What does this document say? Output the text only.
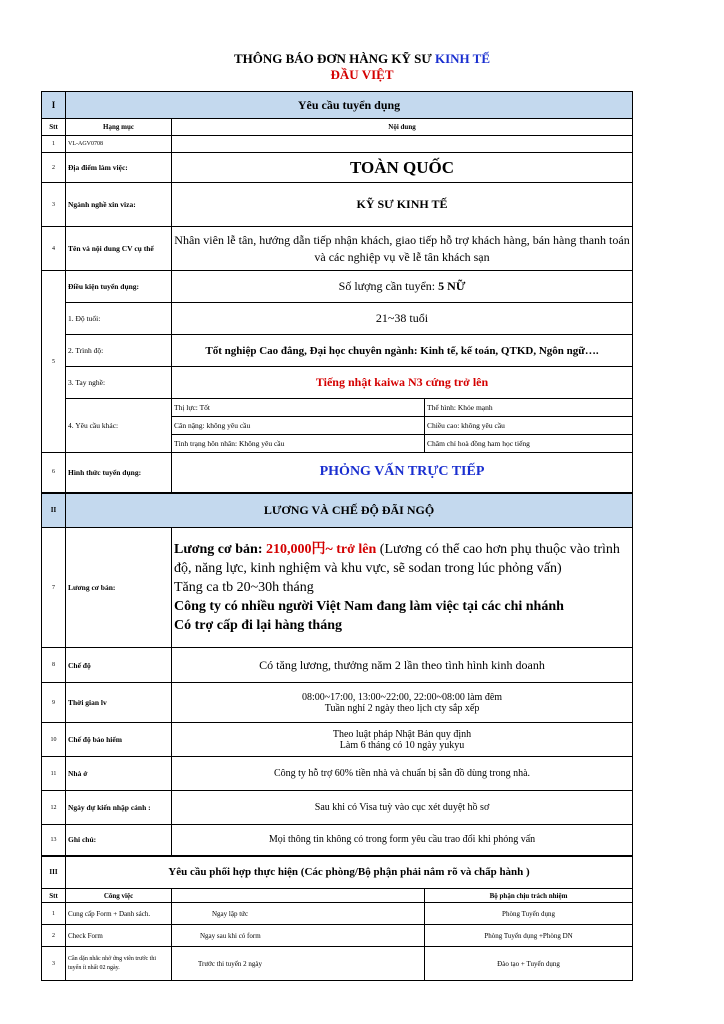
THÔNG BÁO ĐƠN HÀNG KỸ SƯ KINH TẾ
ĐẦU VIỆT
I	Yêu cầu tuyển dụng		
Stt	Hạng mục	Nội dung	
1	VL-AGV0708		
2	Địa điểm làm việc:	TOÀN QUỐC	
3	Ngành nghề xin viza:	KỸ SƯ KINH TẾ	
4	Tên và nội dung CV cụ thể	Nhân viên lễ tân, hướng dẫn tiếp nhận khách, giao tiếp hỗ trợ khách hàng, bán hàng thanh toán và các nghiệp vụ về lễ tân khách sạn	
5	Điều kiện tuyển dụng:	Số lượng cần tuyển: 5 NỮ	
	1. Độ tuổi:	21~38 tuổi	
	2. Trình độ:	Tốt nghiệp Cao đẳng, Đại học chuyên ngành: Kinh tế, kế toán, QTKD, Ngôn ngữ….	
	3. Tay nghề:	Tiếng nhật kaiwa N3 cứng trở lên	
	4. Yêu cầu khác:	Thị lực: Tốt	Thể hình: Khỏe mạnh
		Cân nặng: không yêu cầu	Chiều cao: không yêu cầu
		Tình trạng hôn nhân: Không yêu cầu	Chăm chỉ hoà đồng ham học tiếng
6	Hình thức tuyển dụng:	PHỎNG VẤN TRỰC TIẾP	
II	LƯƠNG VÀ CHẾ ĐỘ ĐÃI NGỘ		
7	Lương cơ bản:	Lương cơ bản: 210,000円~ trở lên (Lương có thể cao hơn phụ thuộc vào trình độ, năng lực, kinh nghiệm và khu vực, sẽ sodan trong lúc phỏng vấn)
Tăng ca tb 20~30h tháng
Công ty có nhiều người Việt Nam đang làm việc tại các chi nhánh
Có trợ cấp đi lại hàng tháng	

8	Chế độ	Có tăng lương, thưởng năm 2 lần theo tình hình kinh doanh	
9	Thời gian lv	08:00~17:00, 13:00~22:00, 22:00~08:00 làm đêm
Tuần nghỉ 2 ngày theo lịch cty sắp xếp	

10	Chế độ bảo hiểm	Theo luật pháp Nhật Bản quy định
Làm 6 tháng có 10 ngày yukyu	

11	Nhà ở	Công ty hỗ trợ 60% tiền nhà và chuẩn bị sẵn đồ dùng trong nhà.	
12	Ngày dự kiến nhập cảnh :	Sau khi có Visa tuỳ vào cục xét duyệt hồ sơ	
13	Ghi chú:	Mọi thông tin không có trong form yêu cầu trao đổi khi phỏng vấn	
III	Yêu cầu phối hợp thực hiện (Các phòng/Bộ phận phải nắm rõ và chấp hành )		
Stt	Công việc		Bộ phận chịu trách nhiệm
1	Cung cấp Form + Danh sách.	Ngay lập tức	Phòng Tuyển dụng
2	Check Form	Ngay sau khi có form	Phòng Tuyển dụng +Phòng DN
3	Cần dặn nhắc nhở ứng viên trước thi tuyển ít nhất 02 ngày.	Trước thi tuyển 2 ngày	Đào tạo + Tuyển dụng
